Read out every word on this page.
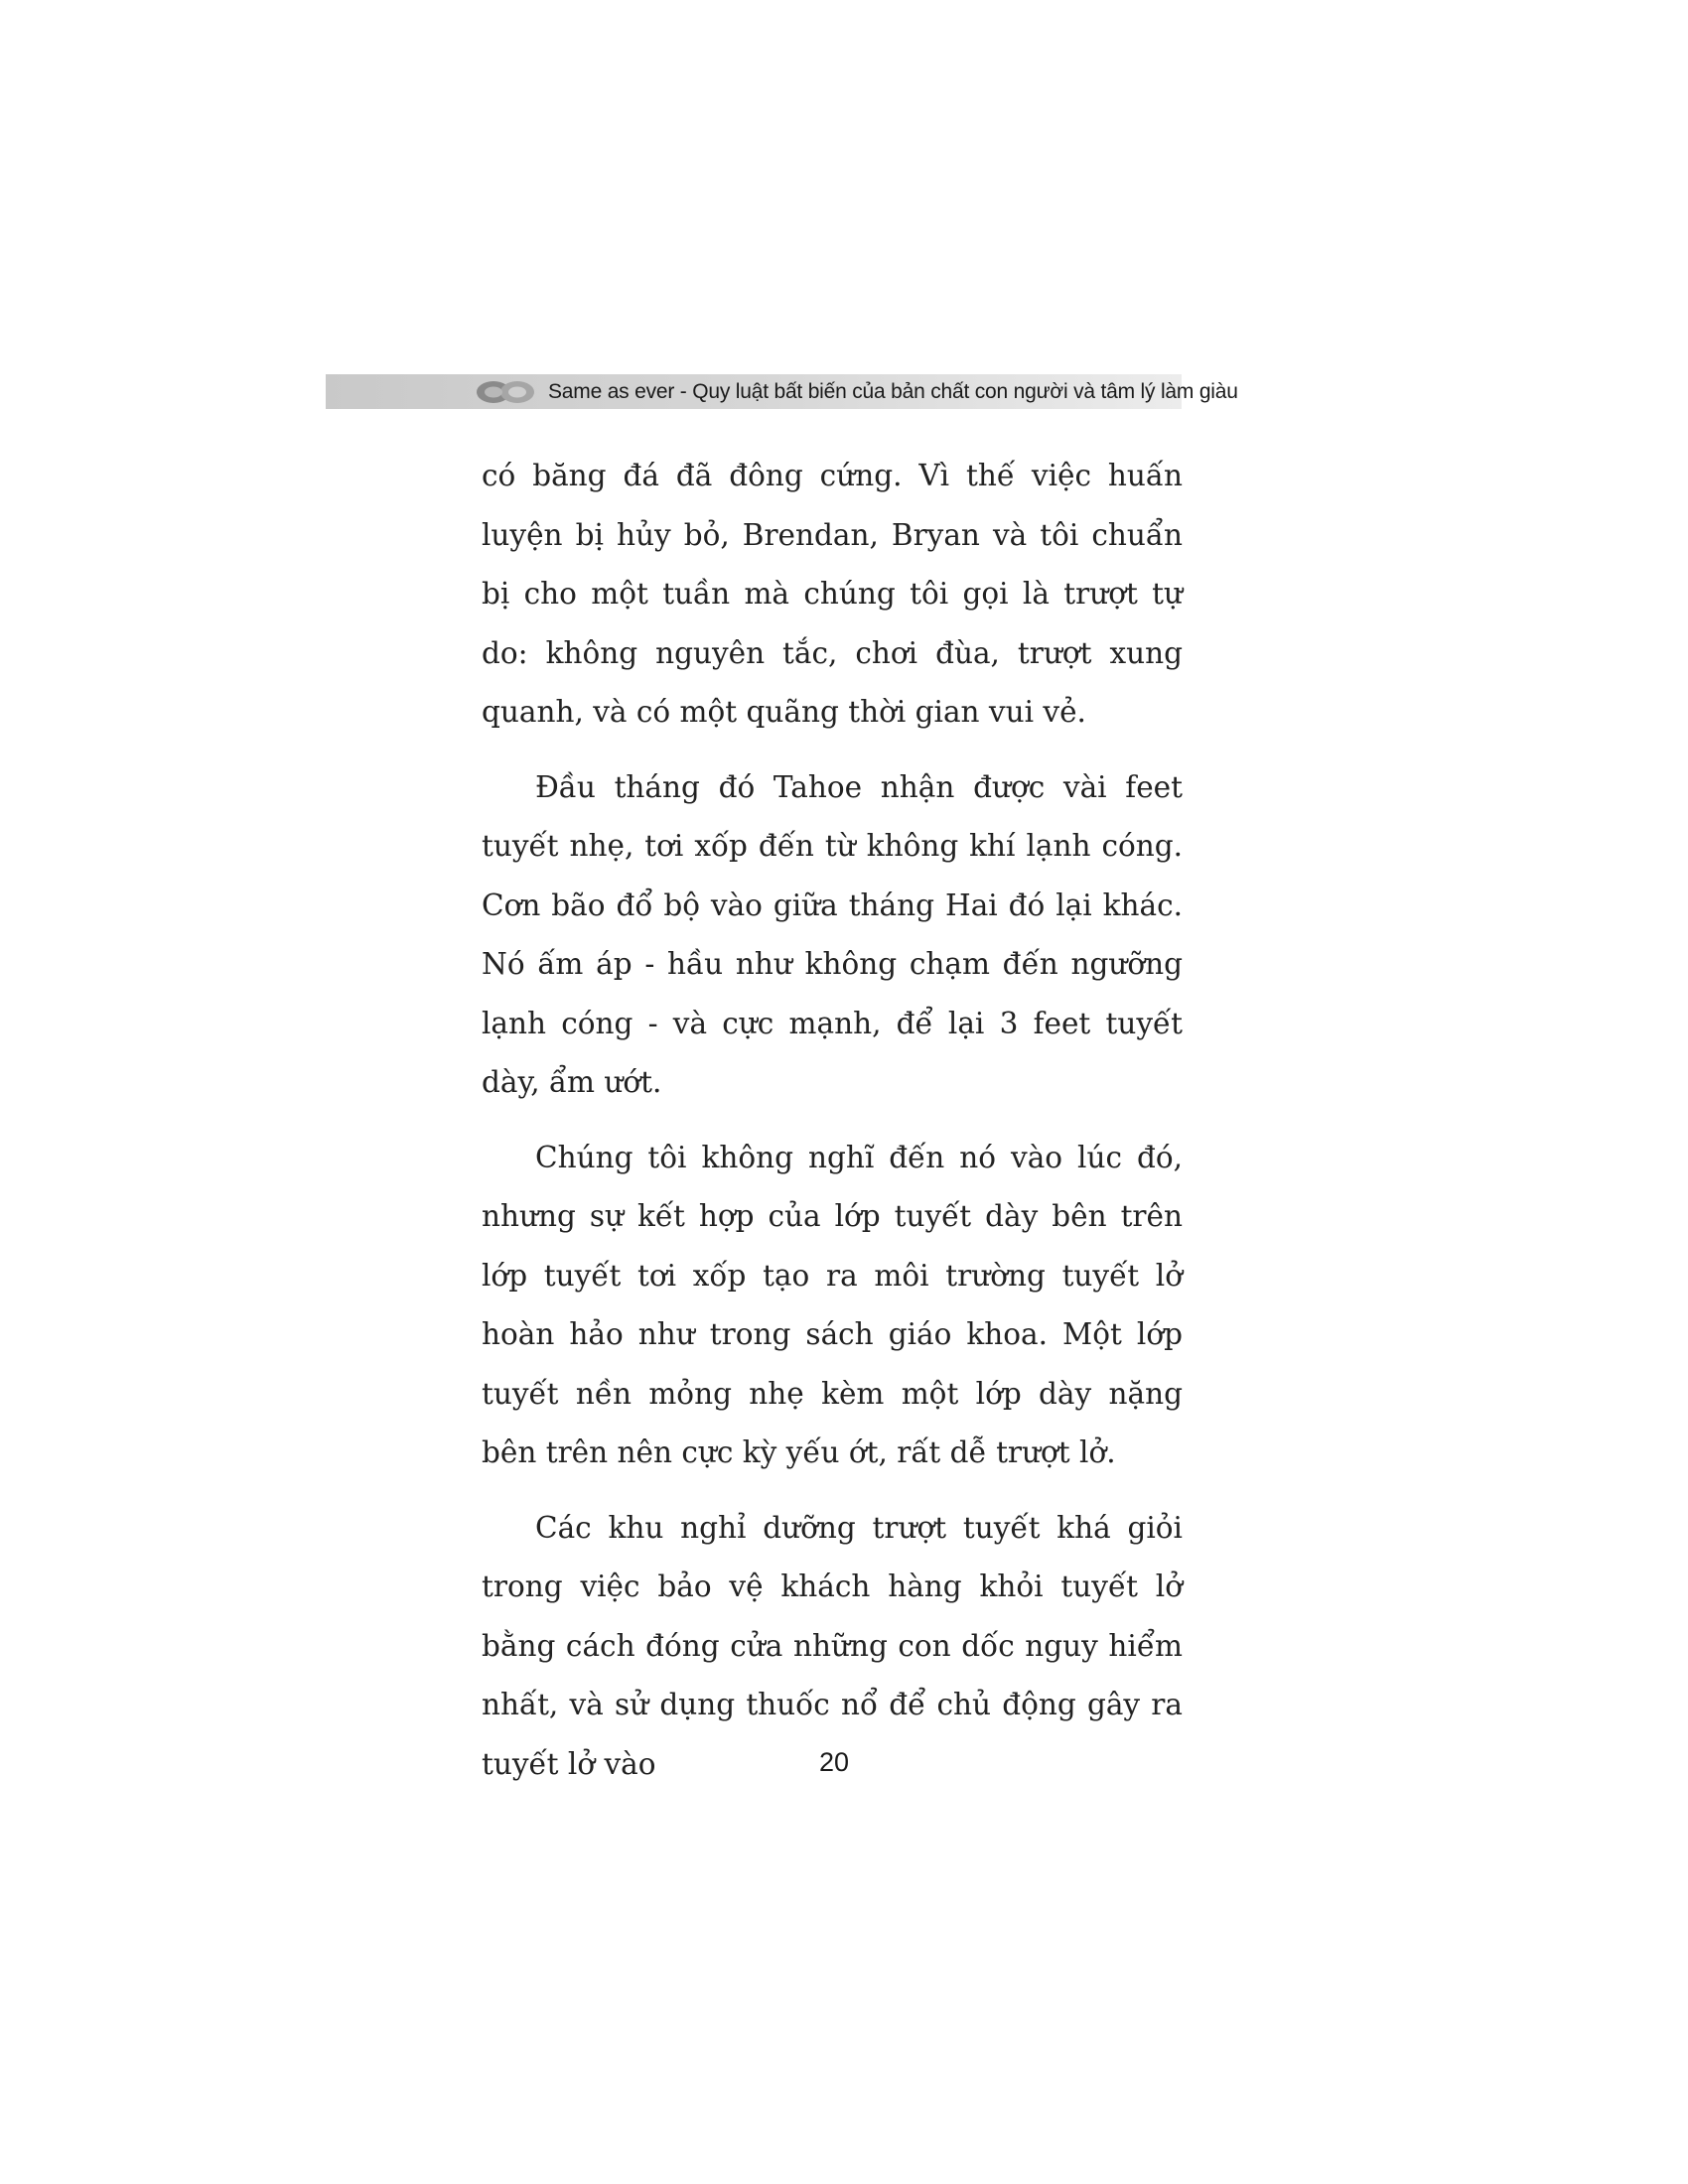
Same as ever - Quy luật bất biến của bản chất con người và tâm lý làm giàu

có băng đá đã đông cứng. Vì thế việc huấn luyện bị hủy bỏ, Brendan, Bryan và tôi chuẩn bị cho một tuần mà chúng tôi gọi là trượt tự do: không nguyên tắc, chơi đùa, trượt xung quanh, và có một quãng thời gian vui vẻ.

Đầu tháng đó Tahoe nhận được vài feet tuyết nhẹ, tơi xốp đến từ không khí lạnh cóng. Cơn bão đổ bộ vào giữa tháng Hai đó lại khác. Nó ấm áp - hầu như không chạm đến ngưỡng lạnh cóng - và cực mạnh, để lại 3 feet tuyết dày, ẩm ướt.

Chúng tôi không nghĩ đến nó vào lúc đó, nhưng sự kết hợp của lớp tuyết dày bên trên lớp tuyết tơi xốp tạo ra môi trường tuyết lở hoàn hảo như trong sách giáo khoa. Một lớp tuyết nền mỏng nhẹ kèm một lớp dày nặng bên trên nên cực kỳ yếu ớt, rất dễ trượt lở.

Các khu nghỉ dưỡng trượt tuyết khá giỏi trong việc bảo vệ khách hàng khỏi tuyết lở bằng cách đóng cửa những con dốc nguy hiểm nhất, và sử dụng thuốc nổ để chủ động gây ra tuyết lở vào	20
